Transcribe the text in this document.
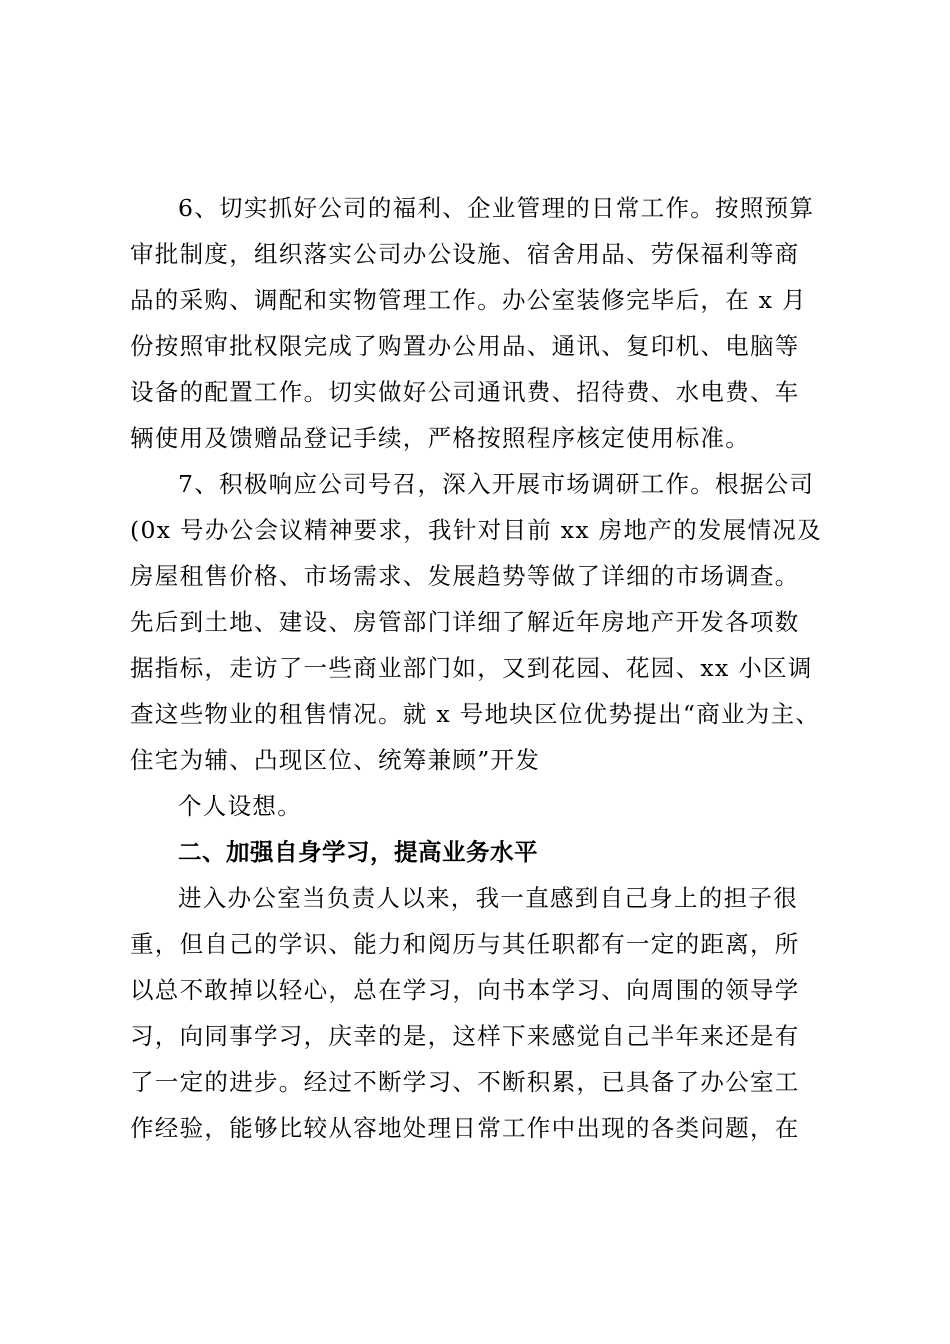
6、切实抓好公司的福利、企业管理的日常工作。按照预算
审批制度，组织落实公司办公设施、宿舍用品、劳保福利等商
品的采购、调配和实物管理工作。办公室装修完毕后，在 x 月
份按照审批权限完成了购置办公用品、通讯、复印机、电脑等
设备的配置工作。切实做好公司通讯费、招待费、水电费、车
辆使用及馈赠品登记手续，严格按照程序核定使用标准。
7、积极响应公司号召，深入开展市场调研工作。根据公司
(0x 号办公会议精神要求，我针对目前 xx 房地产的发展情况及
房屋租售价格、市场需求、发展趋势等做了详细的市场调查。
先后到土地、建设、房管部门详细了解近年房地产开发各项数
据指标，走访了一些商业部门如，又到花园、花园、xx 小区调
查这些物业的租售情况。就 x 号地块区位优势提出“商业为主、
住宅为辅、凸现区位、统筹兼顾”开发
个人设想。
二、加强自身学习，提高业务水平
进入办公室当负责人以来，我一直感到自己身上的担子很
重，但自己的学识、能力和阅历与其任职都有一定的距离，所
以总不敢掉以轻心，总在学习，向书本学习、向周围的领导学
习，向同事学习，庆幸的是，这样下来感觉自己半年来还是有
了一定的进步。经过不断学习、不断积累，已具备了办公室工
作经验，能够比较从容地处理日常工作中出现的各类问题，在
